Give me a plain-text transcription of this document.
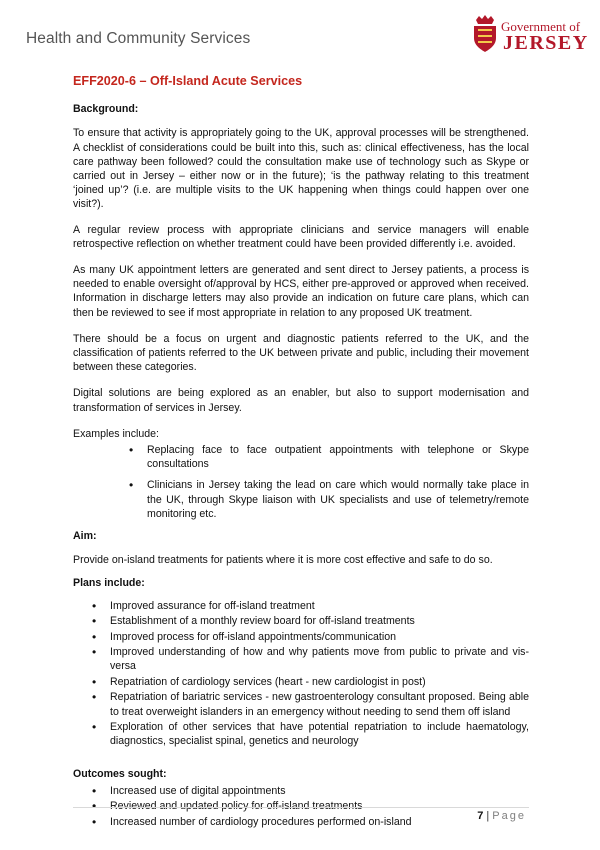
Health and Community Services
Government of
JERSEY
EFF2020-6 – Off-Island Acute Services
Background:

To ensure that activity is appropriately going to the UK, approval processes will be strengthened. A checklist of considerations could be built into this, such as: clinical effectiveness, has the local care pathway been followed? could the consultation make use of technology such as Skype or carried out in Jersey – either now or in the future); ‘is the pathway relating to this treatment ‘joined up’? (i.e. are multiple visits to the UK happening when things could happen over one visit?).

A regular review process with appropriate clinicians and service managers will enable retrospective reflection on whether treatment could have been provided differently i.e. avoided.

As many UK appointment letters are generated and sent direct to Jersey patients, a process is needed to enable oversight of/approval by HCS, either pre-approved or approved when received. Information in discharge letters may also provide an indication on future care plans, which can then be reviewed to see if most appropriate in relation to any proposed UK treatment.

There should be a focus on urgent and diagnostic patients referred to the UK, and the classification of patients referred to the UK between private and public, including their movement between these categories.

Digital solutions are being explored as an enabler, but also to support modernisation and transformation of services in Jersey.

Examples include:
• Replacing face to face outpatient appointments with telephone or Skype consultations
• Clinicians in Jersey taking the lead on care which would normally take place in the UK, through Skype liaison with UK specialists and use of telemetry/remote monitoring etc.
Aim:

Provide on-island treatments for patients where it is more cost effective and safe to do so.

Plans include:
• Improved assurance for off-island treatment
• Establishment of a monthly review board for off-island treatments
• Improved process for off-island appointments/communication
• Improved understanding of how and why patients move from public to private and vis-versa
• Repatriation of cardiology services (heart - new cardiologist in post)
• Repatriation of bariatric services - new gastroenterology consultant proposed. Being able to treat overweight islanders in an emergency without needing to send them off island
• Exploration of other services that have potential repatriation to include haematology, diagnostics, specialist spinal, genetics and neurology
Outcomes sought:
• Increased use of digital appointments
• Reviewed and updated policy for off-island treatments
• Increased number of cardiology procedures performed on-island	7 | Page
